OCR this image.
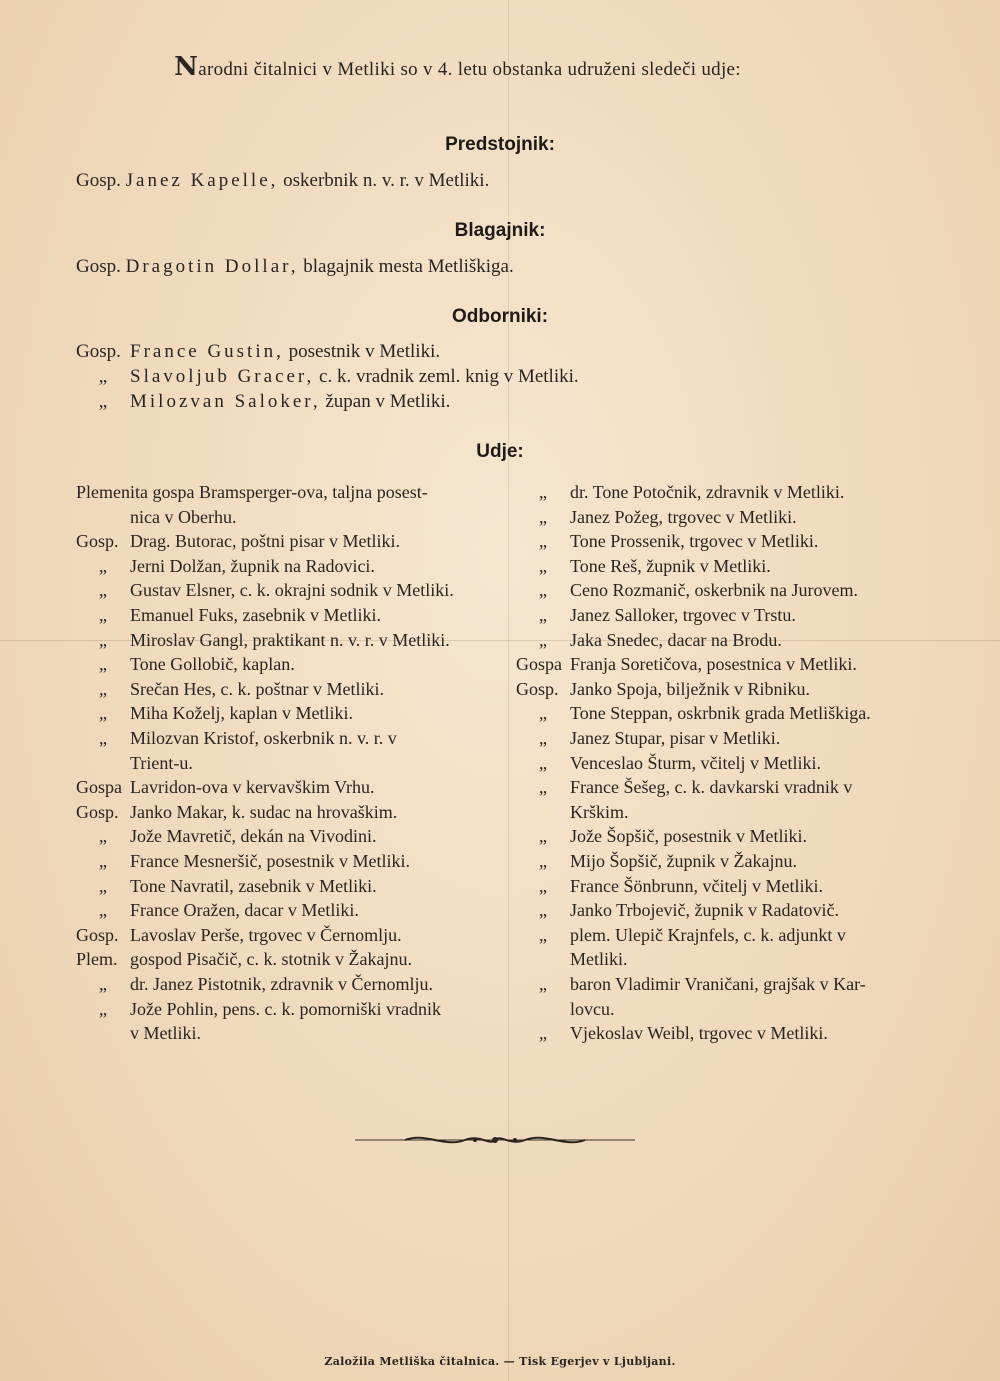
Narodni čitalnici v Metliki so v 4. letu obstanka udruženi sledeči udje:
Predstojnik:
Gosp. Janez Kapelle, oskerbnik n. v. r. v Metliki.
Blagajnik:
Gosp. Dragotin Dollar, blagajnik mesta Metliškiga.
Odborniki:
Gosp. France Gustin, posestnik v Metliki.
„ Slavoljub Gracer, c. k. vradnik zeml. knig v Metliki.
„ Milozvan Saloker, župan v Metliki.
Udje:
Plemenita gospa Bramsperger-ova, taljna posest-
nica v Oberhu.
Gosp. Drag. Butorac, poštni pisar v Metliki.
„ Jerni Dolžan, župnik na Radovici.
„ Gustav Elsner, c. k. okrajni sodnik v Metliki.
„ Emanuel Fuks, zasebnik v Metliki.
„ Miroslav Gangl, praktikant n. v. r. v Metliki.
„ Tone Gollobič, kaplan.
„ Srečan Hes, c. k. poštnar v Metliki.
„ Miha Koželj, kaplan v Metliki.
„ Milozvan Kristof, oskerbnik n. v. r. v
Trient-u.
Gospa Lavridon-ova v kervavškim Vrhu.
Gosp. Janko Makar, k. sudac na hrovaškim.
„ Jože Mavretič, dekán na Vivodini.
„ France Mesneršič, posestnik v Metliki.
„ Tone Navratil, zasebnik v Metliki.
„ France Oražen, dacar v Metliki.
Gosp. Lavoslav Perše, trgovec v Černomlju.
Plem. gospod Pisačič, c. k. stotnik v Žakajnu.
„ dr. Janez Pistotnik, zdravnik v Černomlju.
„ Jože Pohlin, pens. c. k. pomorniški vradnik
v Metliki.
„ dr. Tone Potočnik, zdravnik v Metliki.
„ Janez Požeg, trgovec v Metliki.
„ Tone Prossenik, trgovec v Metliki.
„ Tone Reš, župnik v Metliki.
„ Ceno Rozmanič, oskerbnik na Jurovem.
„ Janez Salloker, trgovec v Trstu.
„ Jaka Snedec, dacar na Brodu.
Gospa Franja Soretičova, posestnica v Metliki.
Gosp. Janko Spoja, bilježnik v Ribniku.
„ Tone Steppan, oskrbnik grada Metliškiga.
„ Janez Stupar, pisar v Metliki.
„ Venceslao Šturm, včitelj v Metliki.
„ France Šešeg, c. k. davkarski vradnik v
Krškim.
„ Jože Šopšič, posestnik v Metliki.
„ Mijo Šopšič, župnik v Žakajnu.
„ France Šönbrunn, včitelj v Metliki.
„ Janko Trbojevič, župnik v Radatovič.
„ plem. Ulepič Krajnfels, c. k. adjunkt v
Metliki.
„ baron Vladimir Vraničani, grajšak v Kar-
lovcu.
„ Vjekoslav Weibl, trgovec v Metliki.
Založila Metliška čitalnica. — Tisk Egerjev v Ljubljani.
